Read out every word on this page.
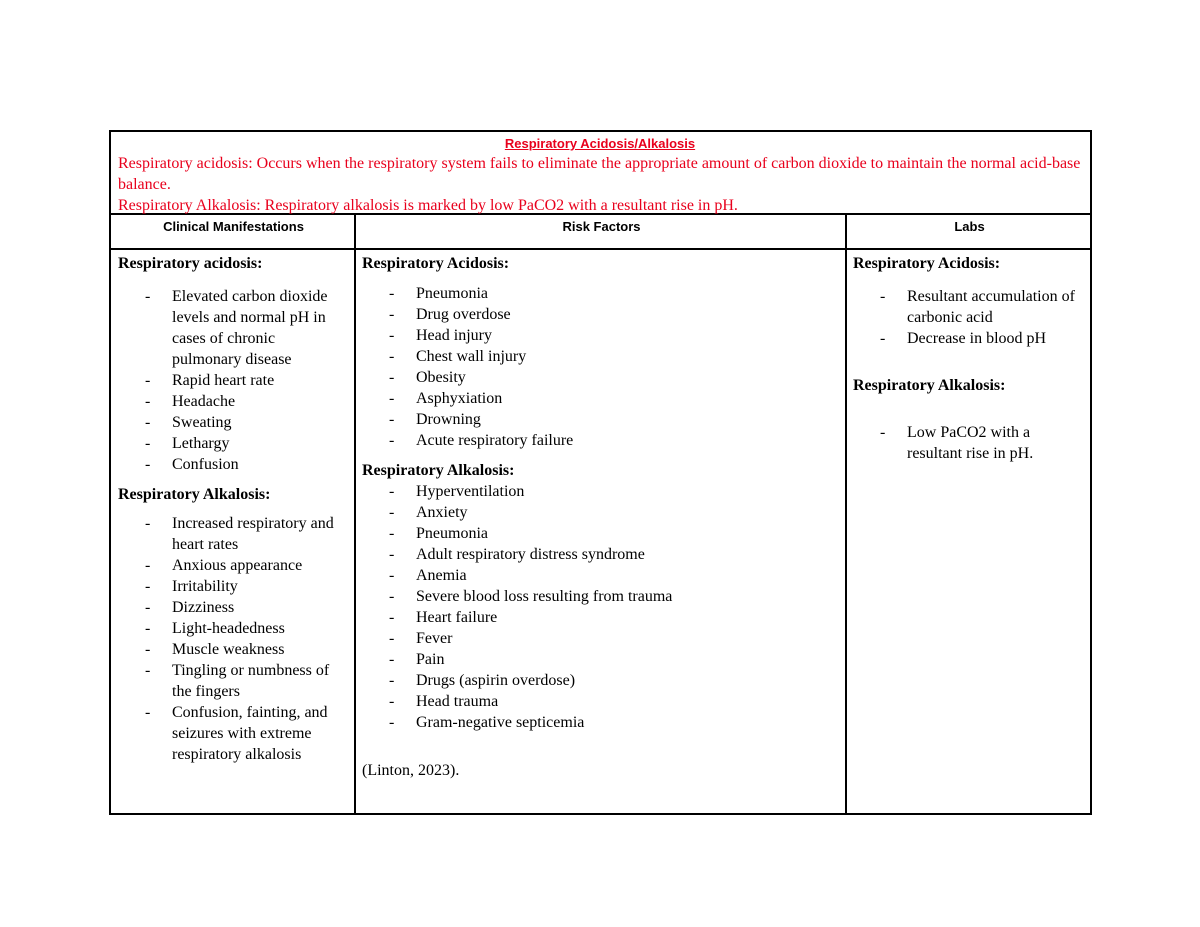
Respiratory Acidosis/Alkalosis
Respiratory acidosis: Occurs when the respiratory system fails to eliminate the appropriate amount of carbon dioxide to maintain the normal acid-base balance.
Respiratory Alkalosis: Respiratory alkalosis is marked by low PaCO2 with a resultant rise in pH.
Clinical Manifestations	Risk Factors	Labs
Respiratory acidosis:
- Elevated carbon dioxide levels and normal pH in cases of chronic pulmonary disease
- Rapid heart rate
- Headache
- Sweating
- Lethargy
- Confusion
Respiratory Alkalosis:
- Increased respiratory and heart rates
- Anxious appearance
- Irritability
- Dizziness
- Light-headedness
- Muscle weakness
- Tingling or numbness of the fingers
- Confusion, fainting, and seizures with extreme respiratory alkalosis
Respiratory Acidosis:
- Pneumonia
- Drug overdose
- Head injury
- Chest wall injury
- Obesity
- Asphyxiation
- Drowning
- Acute respiratory failure
Respiratory Alkalosis:
- Hyperventilation
- Anxiety
- Pneumonia
- Adult respiratory distress syndrome
- Anemia
- Severe blood loss resulting from trauma
- Heart failure
- Fever
- Pain
- Drugs (aspirin overdose)
- Head trauma
- Gram-negative septicemia
(Linton, 2023).
Respiratory Acidosis:
- Resultant accumulation of carbonic acid
- Decrease in blood pH
Respiratory Alkalosis:
- Low PaCO2 with a resultant rise in pH.
